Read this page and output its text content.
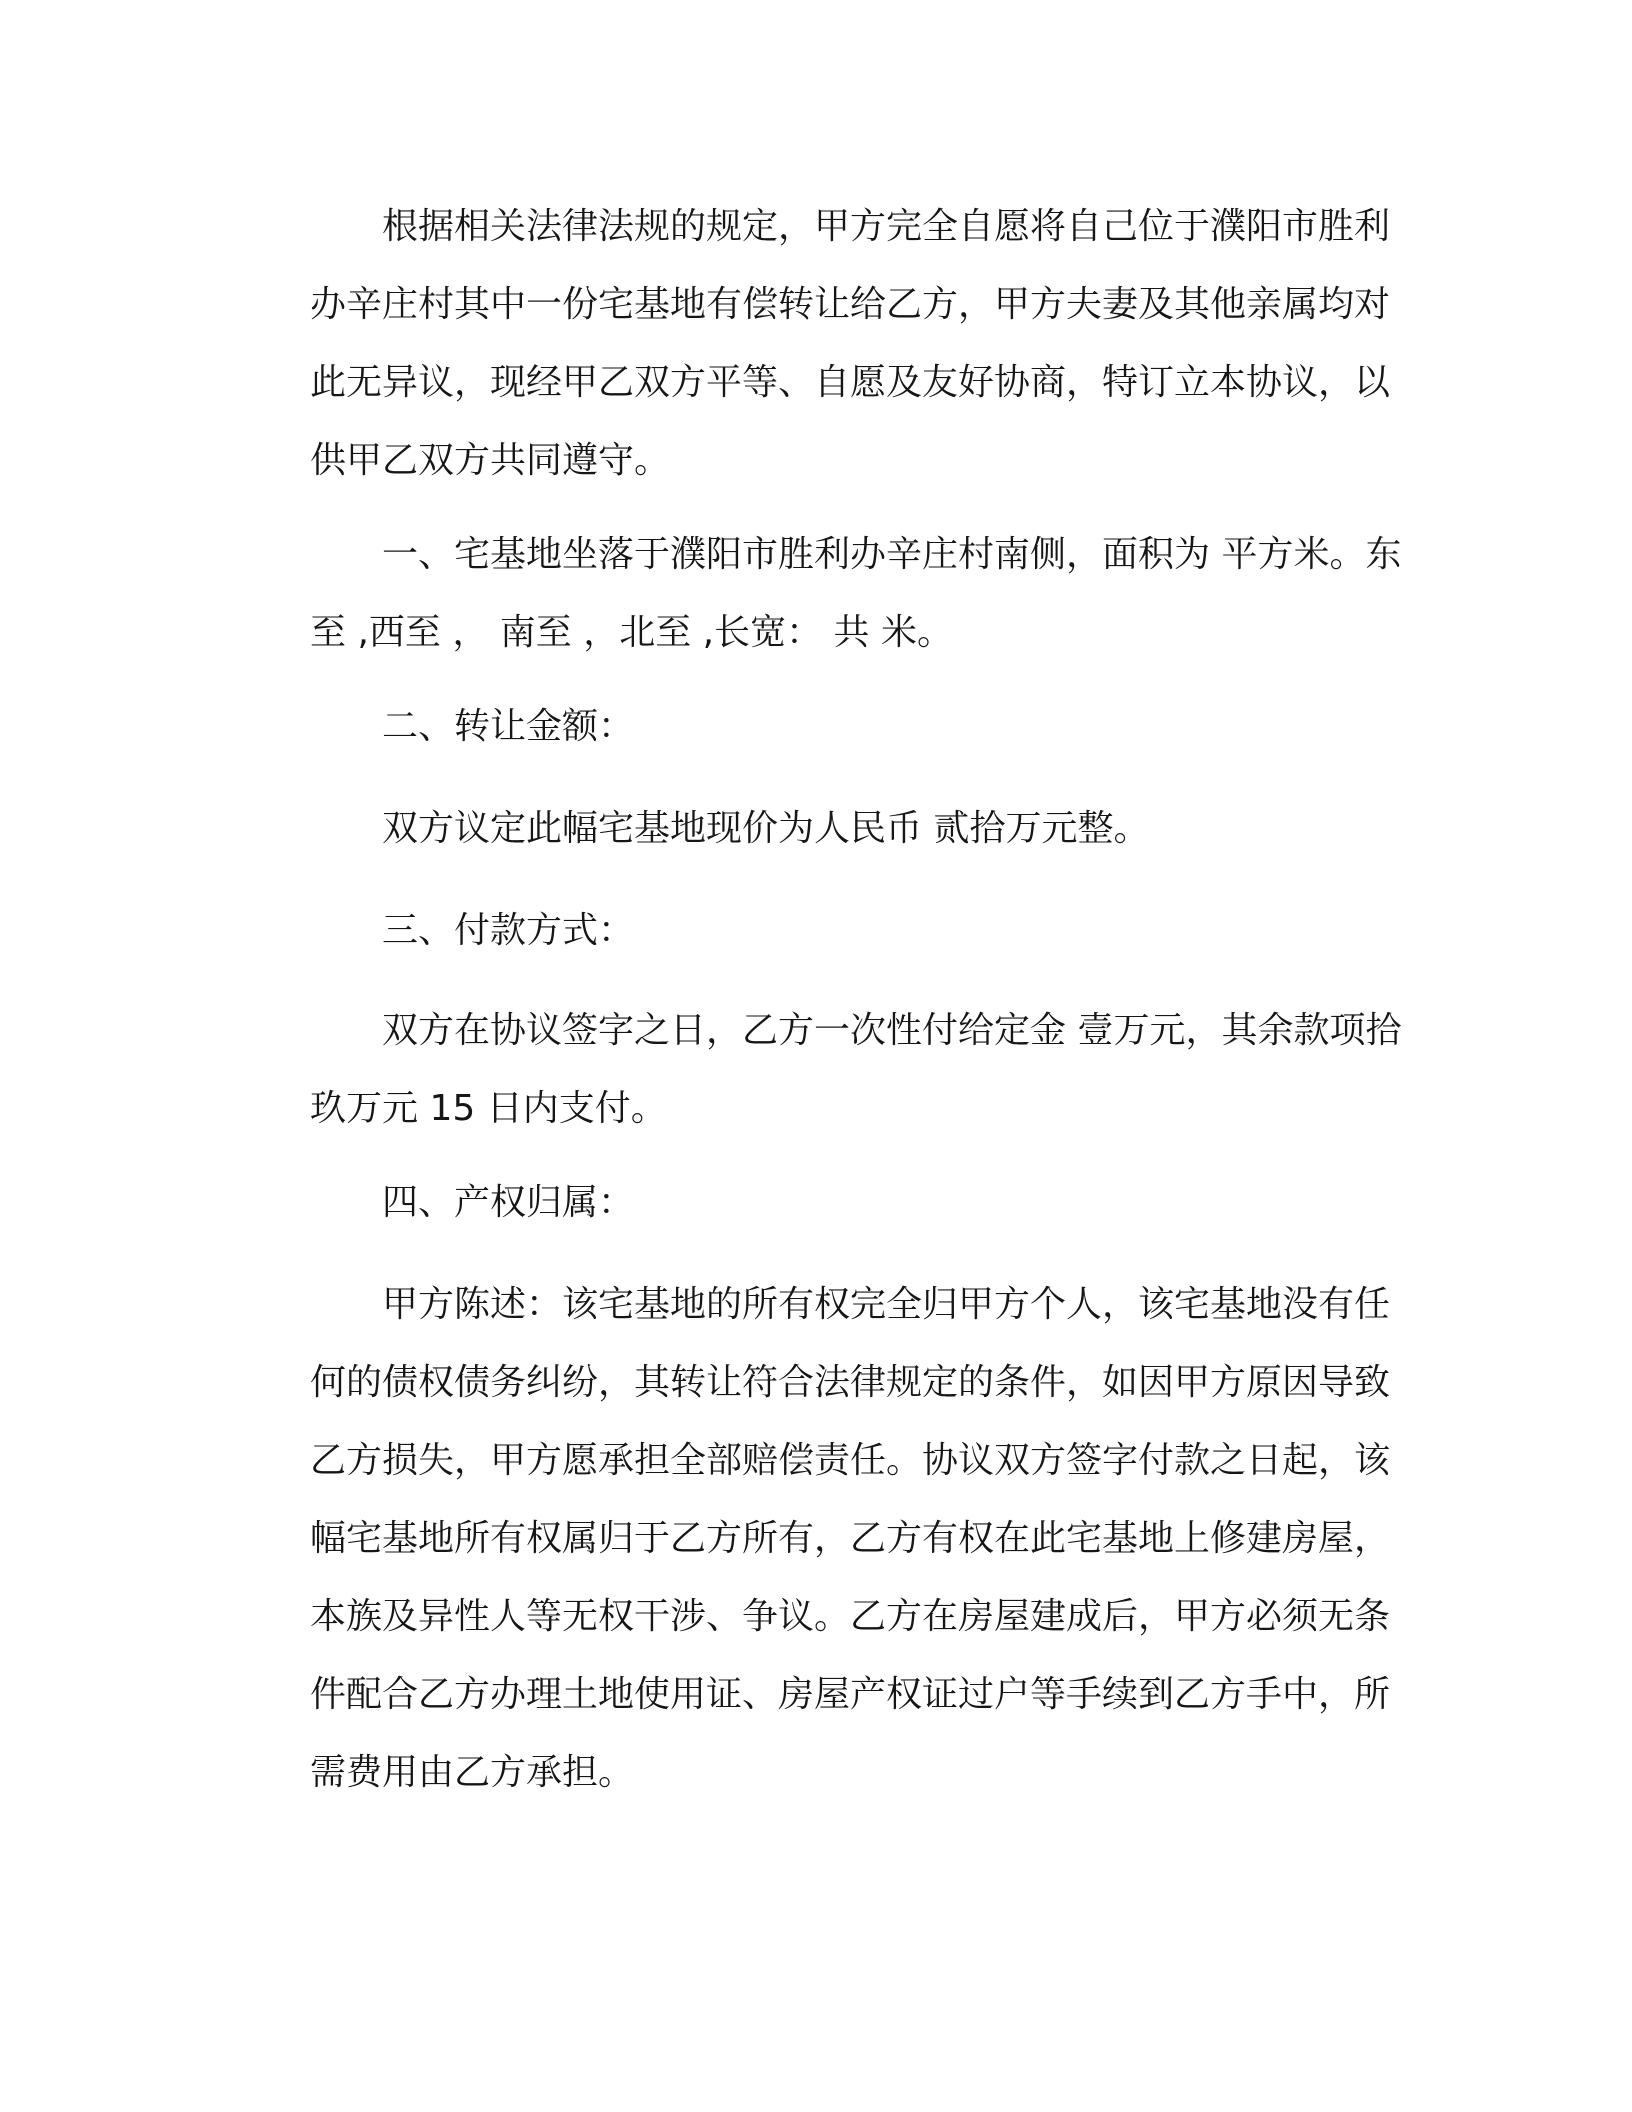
根据相关法律法规的规定，甲方完全自愿将自己位于濮阳市胜利
办辛庄村其中一份宅基地有偿转让给乙方，甲方夫妻及其他亲属均对
此无异议，现经甲乙双方平等、自愿及友好协商，特订立本协议，以
供甲乙双方共同遵守。
一、宅基地坐落于濮阳市胜利办辛庄村南侧，面积为 平方米。东
至 ,西至 ， 南至 ，北至 ,长宽： 共 米。
二、转让金额：
双方议定此幅宅基地现价为人民币 贰拾万元整。
三、付款方式：
双方在协议签字之日，乙方一次性付给定金 壹万元，其余款项拾
玖万元 15 日内支付。
四、产权归属：
甲方陈述：该宅基地的所有权完全归甲方个人，该宅基地没有任
何的债权债务纠纷，其转让符合法律规定的条件，如因甲方原因导致
乙方损失，甲方愿承担全部赔偿责任。协议双方签字付款之日起，该
幅宅基地所有权属归于乙方所有，乙方有权在此宅基地上修建房屋，
本族及异性人等无权干涉、争议。乙方在房屋建成后，甲方必须无条
件配合乙方办理土地使用证、房屋产权证过户等手续到乙方手中，所
需费用由乙方承担。
